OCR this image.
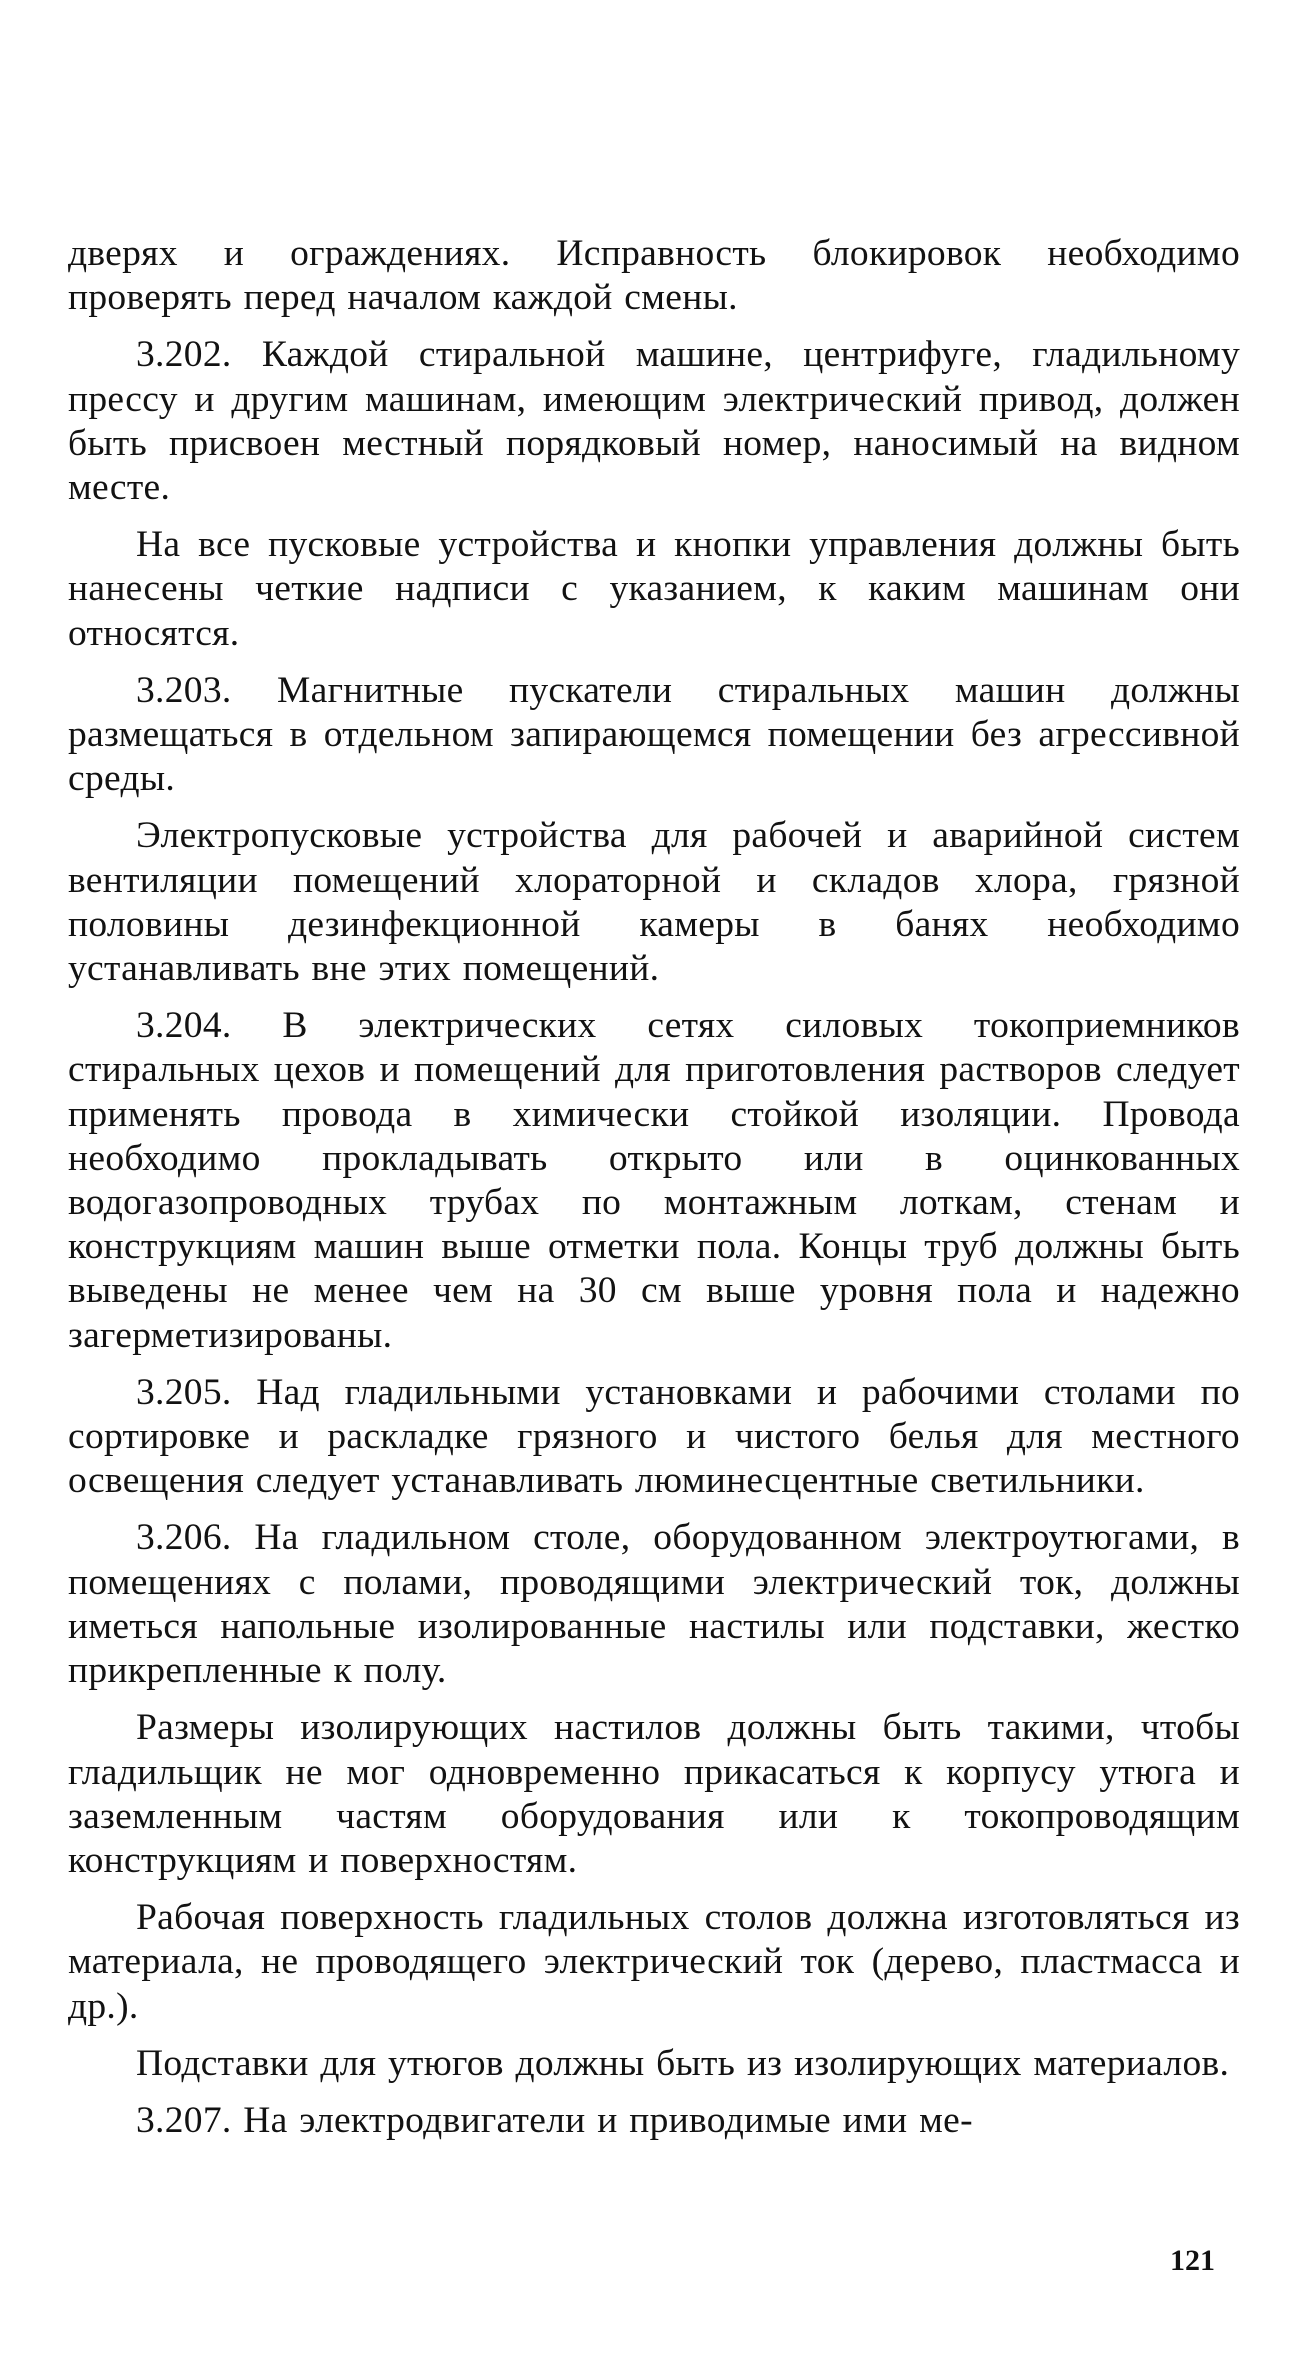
дверях и ограждениях. Исправность блокировок необходимо проверять перед началом каждой смены.

3.202. Каждой стиральной машине, центрифуге, гладильному прессу и другим машинам, имеющим электрический привод, должен быть присвоен местный порядковый номер, наносимый на видном месте.

На все пусковые устройства и кнопки управления должны быть нанесены четкие надписи с указанием, к каким машинам они относятся.

3.203. Магнитные пускатели стиральных машин должны размещаться в отдельном запирающемся помещении без агрессивной среды.

Электропусковые устройства для рабочей и аварийной систем вентиляции помещений хлораторной и складов хлора, грязной половины дезинфекционной камеры в банях необходимо устанавливать вне этих помещений.

3.204. В электрических сетях силовых токоприемников стиральных цехов и помещений для приготовления растворов следует применять провода в химически стойкой изоляции. Провода необходимо прокладывать открыто или в оцинкованных водогазопроводных трубах по монтажным лоткам, стенам и конструкциям машин выше отметки пола. Концы труб должны быть выведены не менее чем на 30 см выше уровня пола и надежно загерметизированы.

3.205. Над гладильными установками и рабочими столами по сортировке и раскладке грязного и чистого белья для местного освещения следует устанавливать люминесцентные светильники.

3.206. На гладильном столе, оборудованном электроутюгами, в помещениях с полами, проводящими электрический ток, должны иметься напольные изолированные настилы или подставки, жестко прикрепленные к полу.

Размеры изолирующих настилов должны быть такими, чтобы гладильщик не мог одновременно прикасаться к корпусу утюга и заземленным частям оборудования или к токопроводящим конструкциям и поверхностям.

Рабочая поверхность гладильных столов должна изготовляться из материала, не проводящего электрический ток (дерево, пластмасса и др.).

Подставки для утюгов должны быть из изолирующих материалов.

3.207. На электродвигатели и приводимые ими ме-

121
